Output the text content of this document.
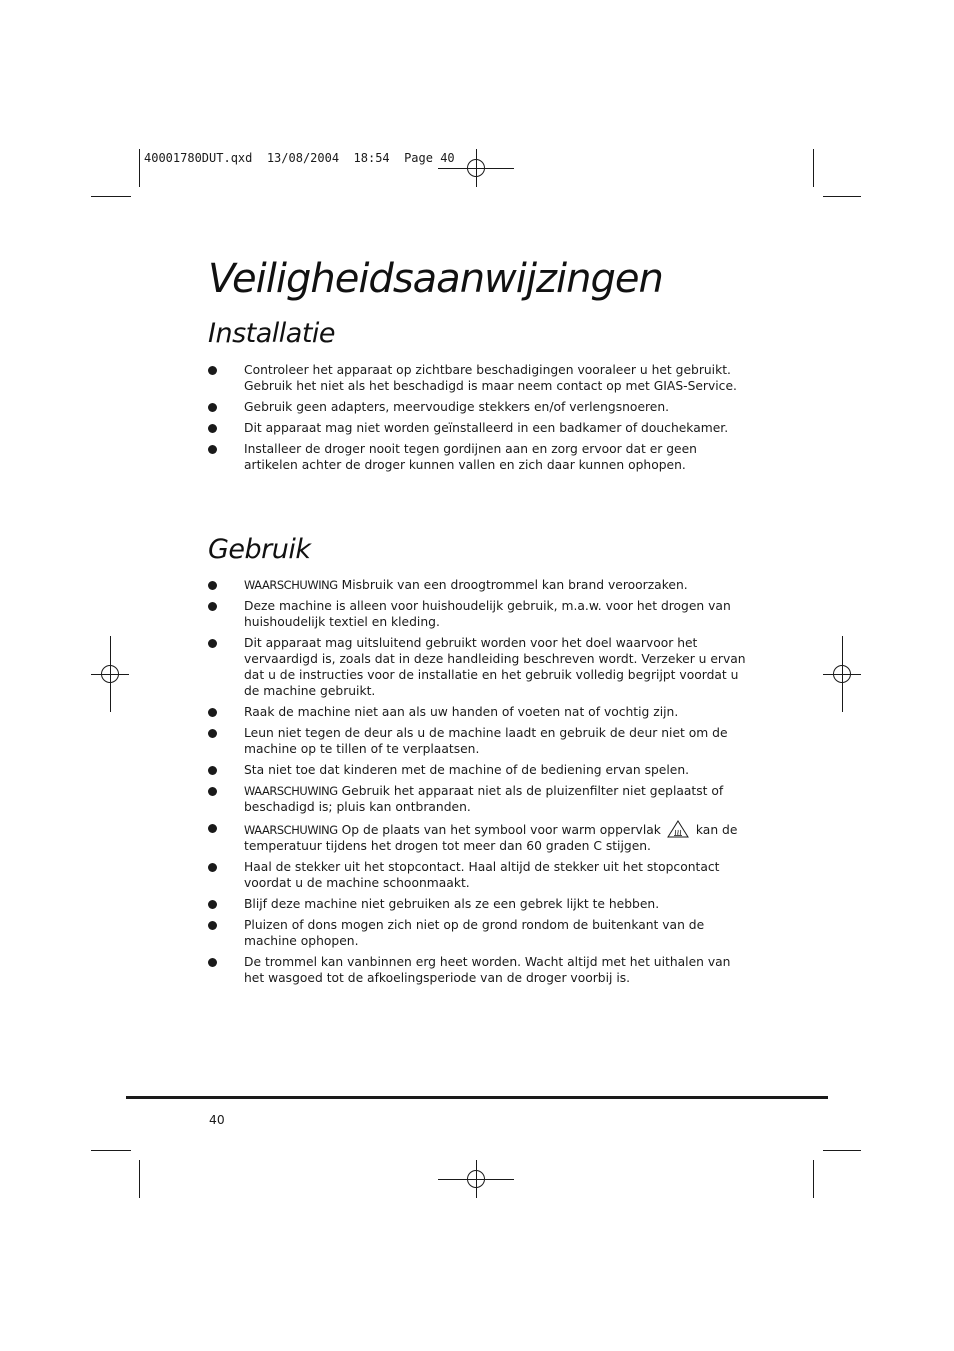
40001780DUT.qxd  13/08/2004  18:54  Page 40
Veiligheidsaanwijzingen
Installatie
Controleer het apparaat op zichtbare beschadigingen vooraleer u het gebruikt. Gebruik het niet als het beschadigd is maar neem contact op met GIAS-Service.
Gebruik geen adapters, meervoudige stekkers en/of verlengsnoeren.
Dit apparaat mag niet worden geïnstalleerd in een badkamer of douchekamer.
Installeer de droger nooit tegen gordijnen aan en zorg ervoor dat er geen artikelen achter de droger kunnen vallen en zich daar kunnen ophopen.
Gebruik
WAARSCHUWING Misbruik van een droogtrommel kan brand veroorzaken.
Deze machine is alleen voor huishoudelijk gebruik, m.a.w. voor het drogen van huishoudelijk textiel en kleding.
Dit apparaat mag uitsluitend gebruikt worden voor het doel waarvoor het vervaardigd is, zoals dat in deze handleiding beschreven wordt. Verzeker u ervan dat u de instructies voor de installatie en het gebruik volledig begrijpt voordat u de machine gebruikt.
Raak de machine niet aan als uw handen of voeten nat of vochtig zijn.
Leun niet tegen de deur als u de machine laadt en gebruik de deur niet om de machine op te tillen of te verplaatsen.
Sta niet toe dat kinderen met de machine of de bediening ervan spelen.
WAARSCHUWING Gebruik het apparaat niet als de pluizenfilter niet geplaatst of beschadigd is; pluis kan ontbranden.
WAARSCHUWING Op de plaats van het symbool voor warm oppervlak	kan de temperatuur tijdens het drogen tot meer dan 60 graden C stijgen.
Haal de stekker uit het stopcontact. Haal altijd de stekker uit het stopcontact voordat u de machine schoonmaakt.
Blijf deze machine niet gebruiken als ze een gebrek lijkt te hebben.
Pluizen of dons mogen zich niet op de grond rondom de buitenkant van de machine ophopen.
De trommel kan vanbinnen erg heet worden. Wacht altijd met het uithalen van het wasgoed tot de afkoelingsperiode van de droger voorbij is.
40
